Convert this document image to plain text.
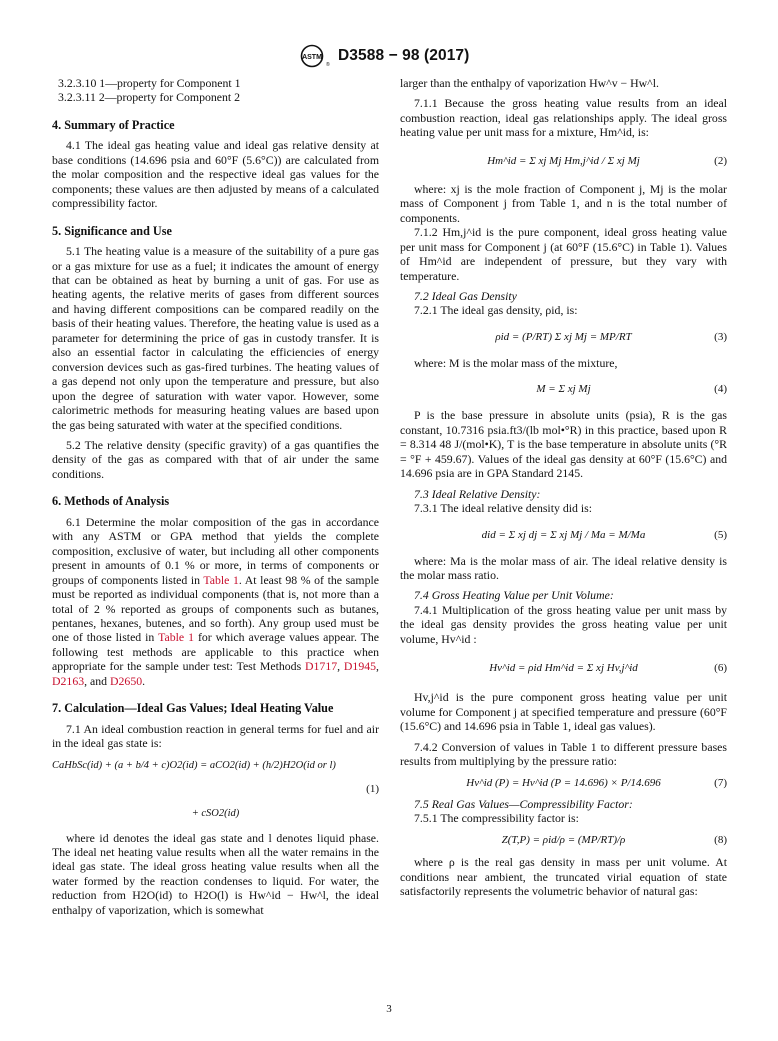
ASTM
®
D3588 − 98 (2017)

3.2.3.10 1—property for Component 1

3.2.3.11 2—property for Component 2

4. Summary of Practice

4.1 The ideal gas heating value and ideal gas relative density at base conditions (14.696 psia and 60°F (5.6°C)) are calculated from the molar composition and the respective ideal gas values for the components; these values are then adjusted by means of a calculated compressibility factor.

5. Significance and Use

5.1 The heating value is a measure of the suitability of a pure gas or a gas mixture for use as a fuel; it indicates the amount of energy that can be obtained as heat by burning a unit of gas. For use as heating agents, the relative merits of gases from different sources and having different compositions can be compared readily on the basis of their heating values. Therefore, the heating value is used as a parameter for determining the price of gas in custody transfer. It is also an essential factor in calculating the efficiencies of energy conversion devices such as gas-fired turbines. The heating values of a gas depend not only upon the temperature and pressure, but also upon the degree of saturation with water vapor. However, some calorimetric methods for measuring heating values are based upon the gas being saturated with water at the specified conditions.

5.2 The relative density (specific gravity) of a gas quantifies the density of the gas as compared with that of air under the same conditions.

6. Methods of Analysis

6.1 Determine the molar composition of the gas in accordance with any ASTM or GPA method that yields the complete composition, exclusive of water, but including all other components present in amounts of 0.1 % or more, in terms of components or groups of components listed in Table 1. At least 98 % of the sample must be reported as individual components (that is, not more than a total of 2 % reported as groups of components such as butanes, pentanes, hexanes, butenes, and so forth). Any group used must be one of those listed in Table 1 for which average values appear. The following test methods are applicable to this practice when appropriate for the sample under test: Test Methods D1717, D1945, D2163, and D2650.

7. Calculation—Ideal Gas Values; Ideal Heating Value

7.1 An ideal combustion reaction in general terms for fuel and air in the ideal gas state is:

CaHbSc(id) + (a + b/4 + c)O2(id) = aCO2(id) + (h/2)H2O(id or l)
(1)
+ cSO2(id)

where id denotes the ideal gas state and l denotes liquid phase. The ideal net heating value results when all the water remains in the ideal gas state. The ideal gross heating value results when all the water formed by the reaction condenses to liquid. For water, the reduction from H2O(id) to H2O(l) is Hw^id − Hw^l, the ideal enthalpy of vaporization, which is somewhat

larger than the enthalpy of vaporization Hw^v − Hw^l.

7.1.1 Because the gross heating value results from an ideal combustion reaction, ideal gas relationships apply. The ideal gross heating value per unit mass for a mixture, Hm^id, is:

Hm^id = Σ xj Mj Hm,j^id / Σ xj Mj	(2)

where: xj is the mole fraction of Component j, Mj is the molar mass of Component j from Table 1, and n is the total number of components.

7.1.2 Hm,j^id is the pure component, ideal gross heating value per unit mass for Component j (at 60°F (15.6°C) in Table 1). Values of Hm^id are independent of pressure, but they vary with temperature.

7.2 Ideal Gas Density

7.2.1 The ideal gas density, ρid, is:

ρid = (P/RT) Σ xj Mj = MP/RT	(3)

where: M is the molar mass of the mixture,

M = Σ xj Mj	(4)

P is the base pressure in absolute units (psia), R is the gas constant, 10.7316 psia.ft3/(lb mol•°R) in this practice, based upon R = 8.314 48 J/(mol•K), T is the base temperature in absolute units (°R = °F + 459.67). Values of the ideal gas density at 60°F (15.6°C) and 14.696 psia are in GPA Standard 2145.

7.3 Ideal Relative Density:

7.3.1 The ideal relative density did is:

did = Σ xj dj = Σ xj Mj / Ma = M/Ma	(5)

where: Ma is the molar mass of air. The ideal relative density is the molar mass ratio.

7.4 Gross Heating Value per Unit Volume:

7.4.1 Multiplication of the gross heating value per unit mass by the ideal gas density provides the gross heating value per unit volume, Hv^id :

Hv^id = ρid Hm^id = Σ xj Hv,j^id	(6)

Hv,j^id is the pure component gross heating value per unit volume for Component j at specified temperature and pressure (60°F (15.6°C) and 14.696 psia in Table 1, ideal gas values).

7.4.2 Conversion of values in Table 1 to different pressure bases results from multiplying by the pressure ratio:

Hv^id (P) = Hv^id (P = 14.696) × P/14.696	(7)

7.5 Real Gas Values—Compressibility Factor:

7.5.1 The compressibility factor is:

Z(T,P) = ρid/ρ = (MP/RT)/ρ	(8)

where ρ is the real gas density in mass per unit volume. At conditions near ambient, the truncated virial equation of state satisfactorily represents the volumetric behavior of natural gas:

3
